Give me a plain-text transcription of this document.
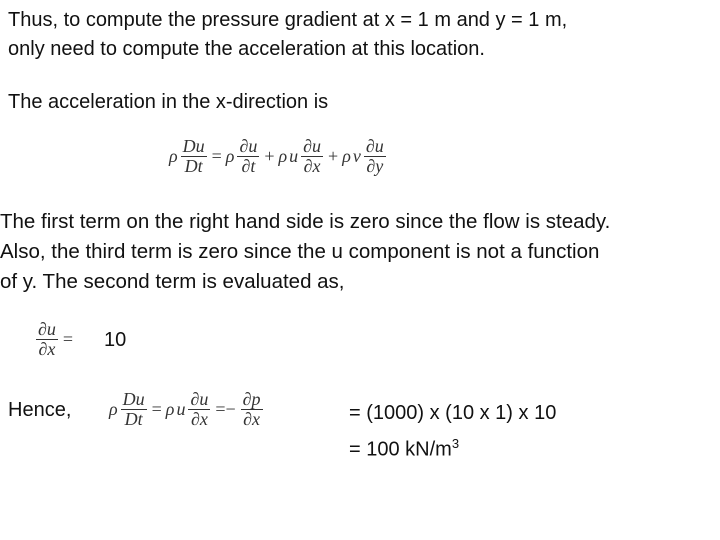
Thus, to compute the pressure gradient at x = 1 m and y = 1 m,
only need to compute the acceleration at this location.
The acceleration in the x-direction is
ρ $\frac{Du}{Dt} = \rho \frac{\partial u}{\partial t} + \rho$ u $\frac{\partial u}{\partial x} + \rho$ v $\frac{\partial u}{\partial y}$
The first term on the right hand side is zero since the flow is steady.
Also, the third term is zero since the u component is not a function
of y. The second term is evaluated as,
$\frac{\partial u}{\partial x} = 10$
Hence, ρ $\frac{Du}{Dt} = \rho$ u $\frac{\partial u}{\partial x} =- \frac{\partial p}{\partial x}$	= (1000) x (10 x 1) x 10
= 100 $kN/m^3$
